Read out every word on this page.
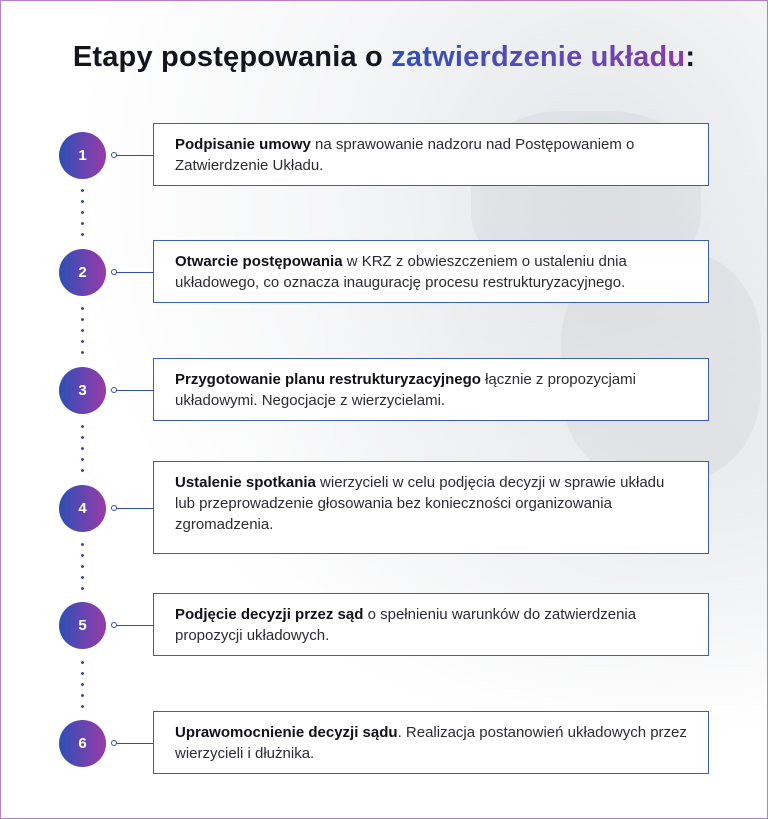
Etapy postępowania o zatwierdzenie układu:
1
Podpisanie umowy na sprawowanie nadzoru nad Postępowaniem o Zatwierdzenie Układu.
2
Otwarcie postępowania w KRZ z obwieszczeniem o ustaleniu dnia układowego, co oznacza inaugurację procesu restrukturyzacyjnego.
3
Przygotowanie planu restrukturyzacyjnego łącznie z propozycjami układowymi. Negocjacje z wierzycielami.
4
Ustalenie spotkania wierzycieli w celu podjęcia decyzji w sprawie układu lub przeprowadzenie głosowania bez konieczności organizowania zgromadzenia.
5
Podjęcie decyzji przez sąd o spełnieniu warunków do zatwierdzenia propozycji układowych.
6
Uprawomocnienie decyzji sądu. Realizacja postanowień układowych przez wierzycieli i dłużnika.
